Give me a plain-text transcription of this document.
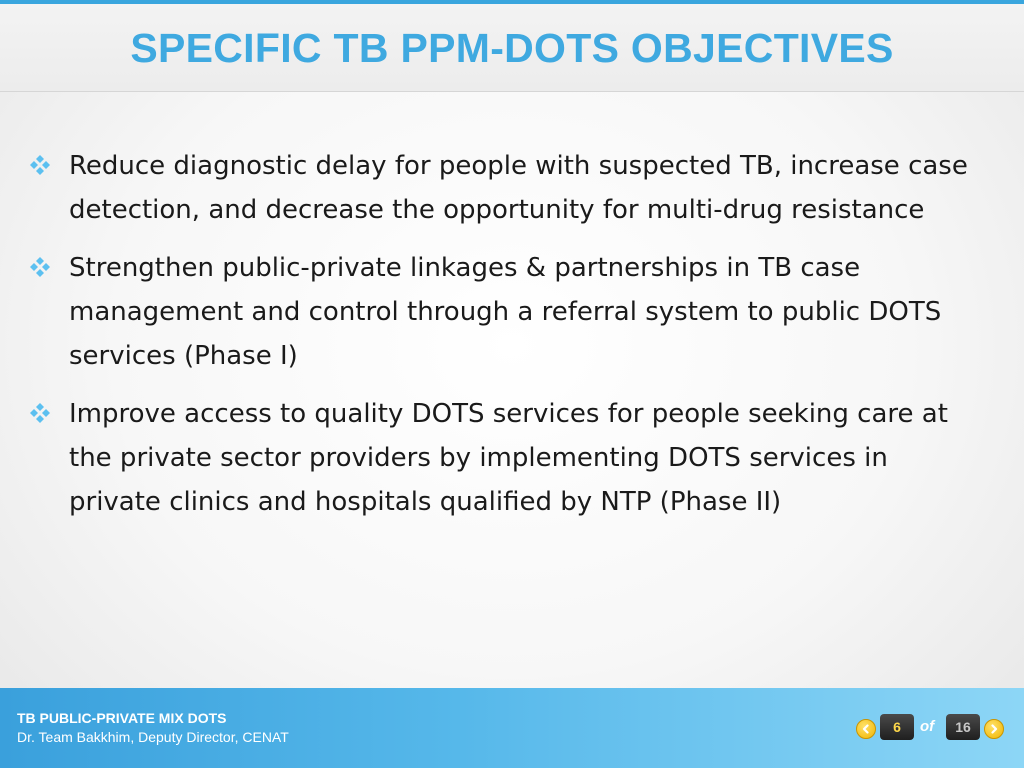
SPECIFIC TB PPM-DOTS OBJECTIVES
Reduce diagnostic delay for people with suspected TB, increase case detection, and decrease the opportunity for multi-drug resistance
Strengthen public-private linkages & partnerships in TB case management and control through a referral system to public DOTS services (Phase I)
Improve access to quality DOTS services for people seeking care at the private sector providers by implementing DOTS services in private clinics and hospitals qualified by NTP (Phase II)
TB PUBLIC-PRIVATE MIX DOTS
Dr. Team Bakkhim, Deputy Director, CENAT
6	of	16
